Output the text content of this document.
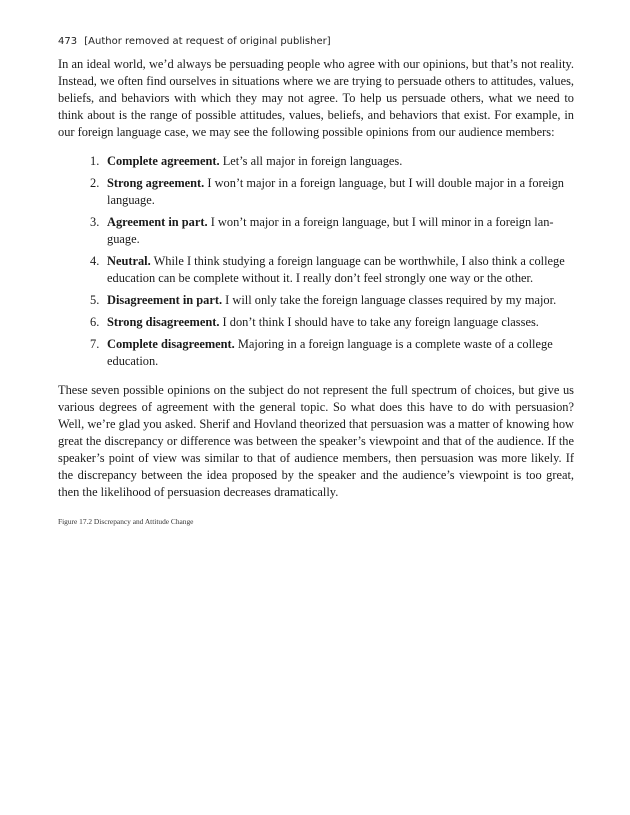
473 [Author removed at request of original publisher]

In an ideal world, we’d always be persuading people who agree with our opinions, but that’s not reality. Instead, we often find ourselves in situations where we are trying to persuade others to attitudes, values, beliefs, and behaviors with which they may not agree. To help us persuade others, what we need to think about is the range of possible attitudes, values, beliefs, and behaviors that exist. For example, in our foreign language case, we may see the following possible opinions from our audience members:

1. Complete agreement. Let’s all major in foreign languages.
2. Strong agreement. I won’t major in a foreign language, but I will double major in a foreign language.
3. Agreement in part. I won’t major in a foreign language, but I will minor in a foreign language.
4. Neutral. While I think studying a foreign language can be worthwhile, I also think a college education can be complete without it. I really don’t feel strongly one way or the other.
5. Disagreement in part. I will only take the foreign language classes required by my major.
6. Strong disagreement. I don’t think I should have to take any foreign language classes.
7. Complete disagreement. Majoring in a foreign language is a complete waste of a college education.

These seven possible opinions on the subject do not represent the full spectrum of choices, but give us various degrees of agreement with the general topic. So what does this have to do with persuasion? Well, we’re glad you asked. Sherif and Hovland theorized that persuasion was a matter of knowing how great the discrepancy or difference was between the speaker’s viewpoint and that of the audience. If the speaker’s point of view was similar to that of audience members, then persuasion was more likely. If the discrepancy between the idea proposed by the speaker and the audience’s viewpoint is too great, then the likelihood of persuasion decreases dramatically.

Figure 17.2 Discrepancy and Attitude Change
